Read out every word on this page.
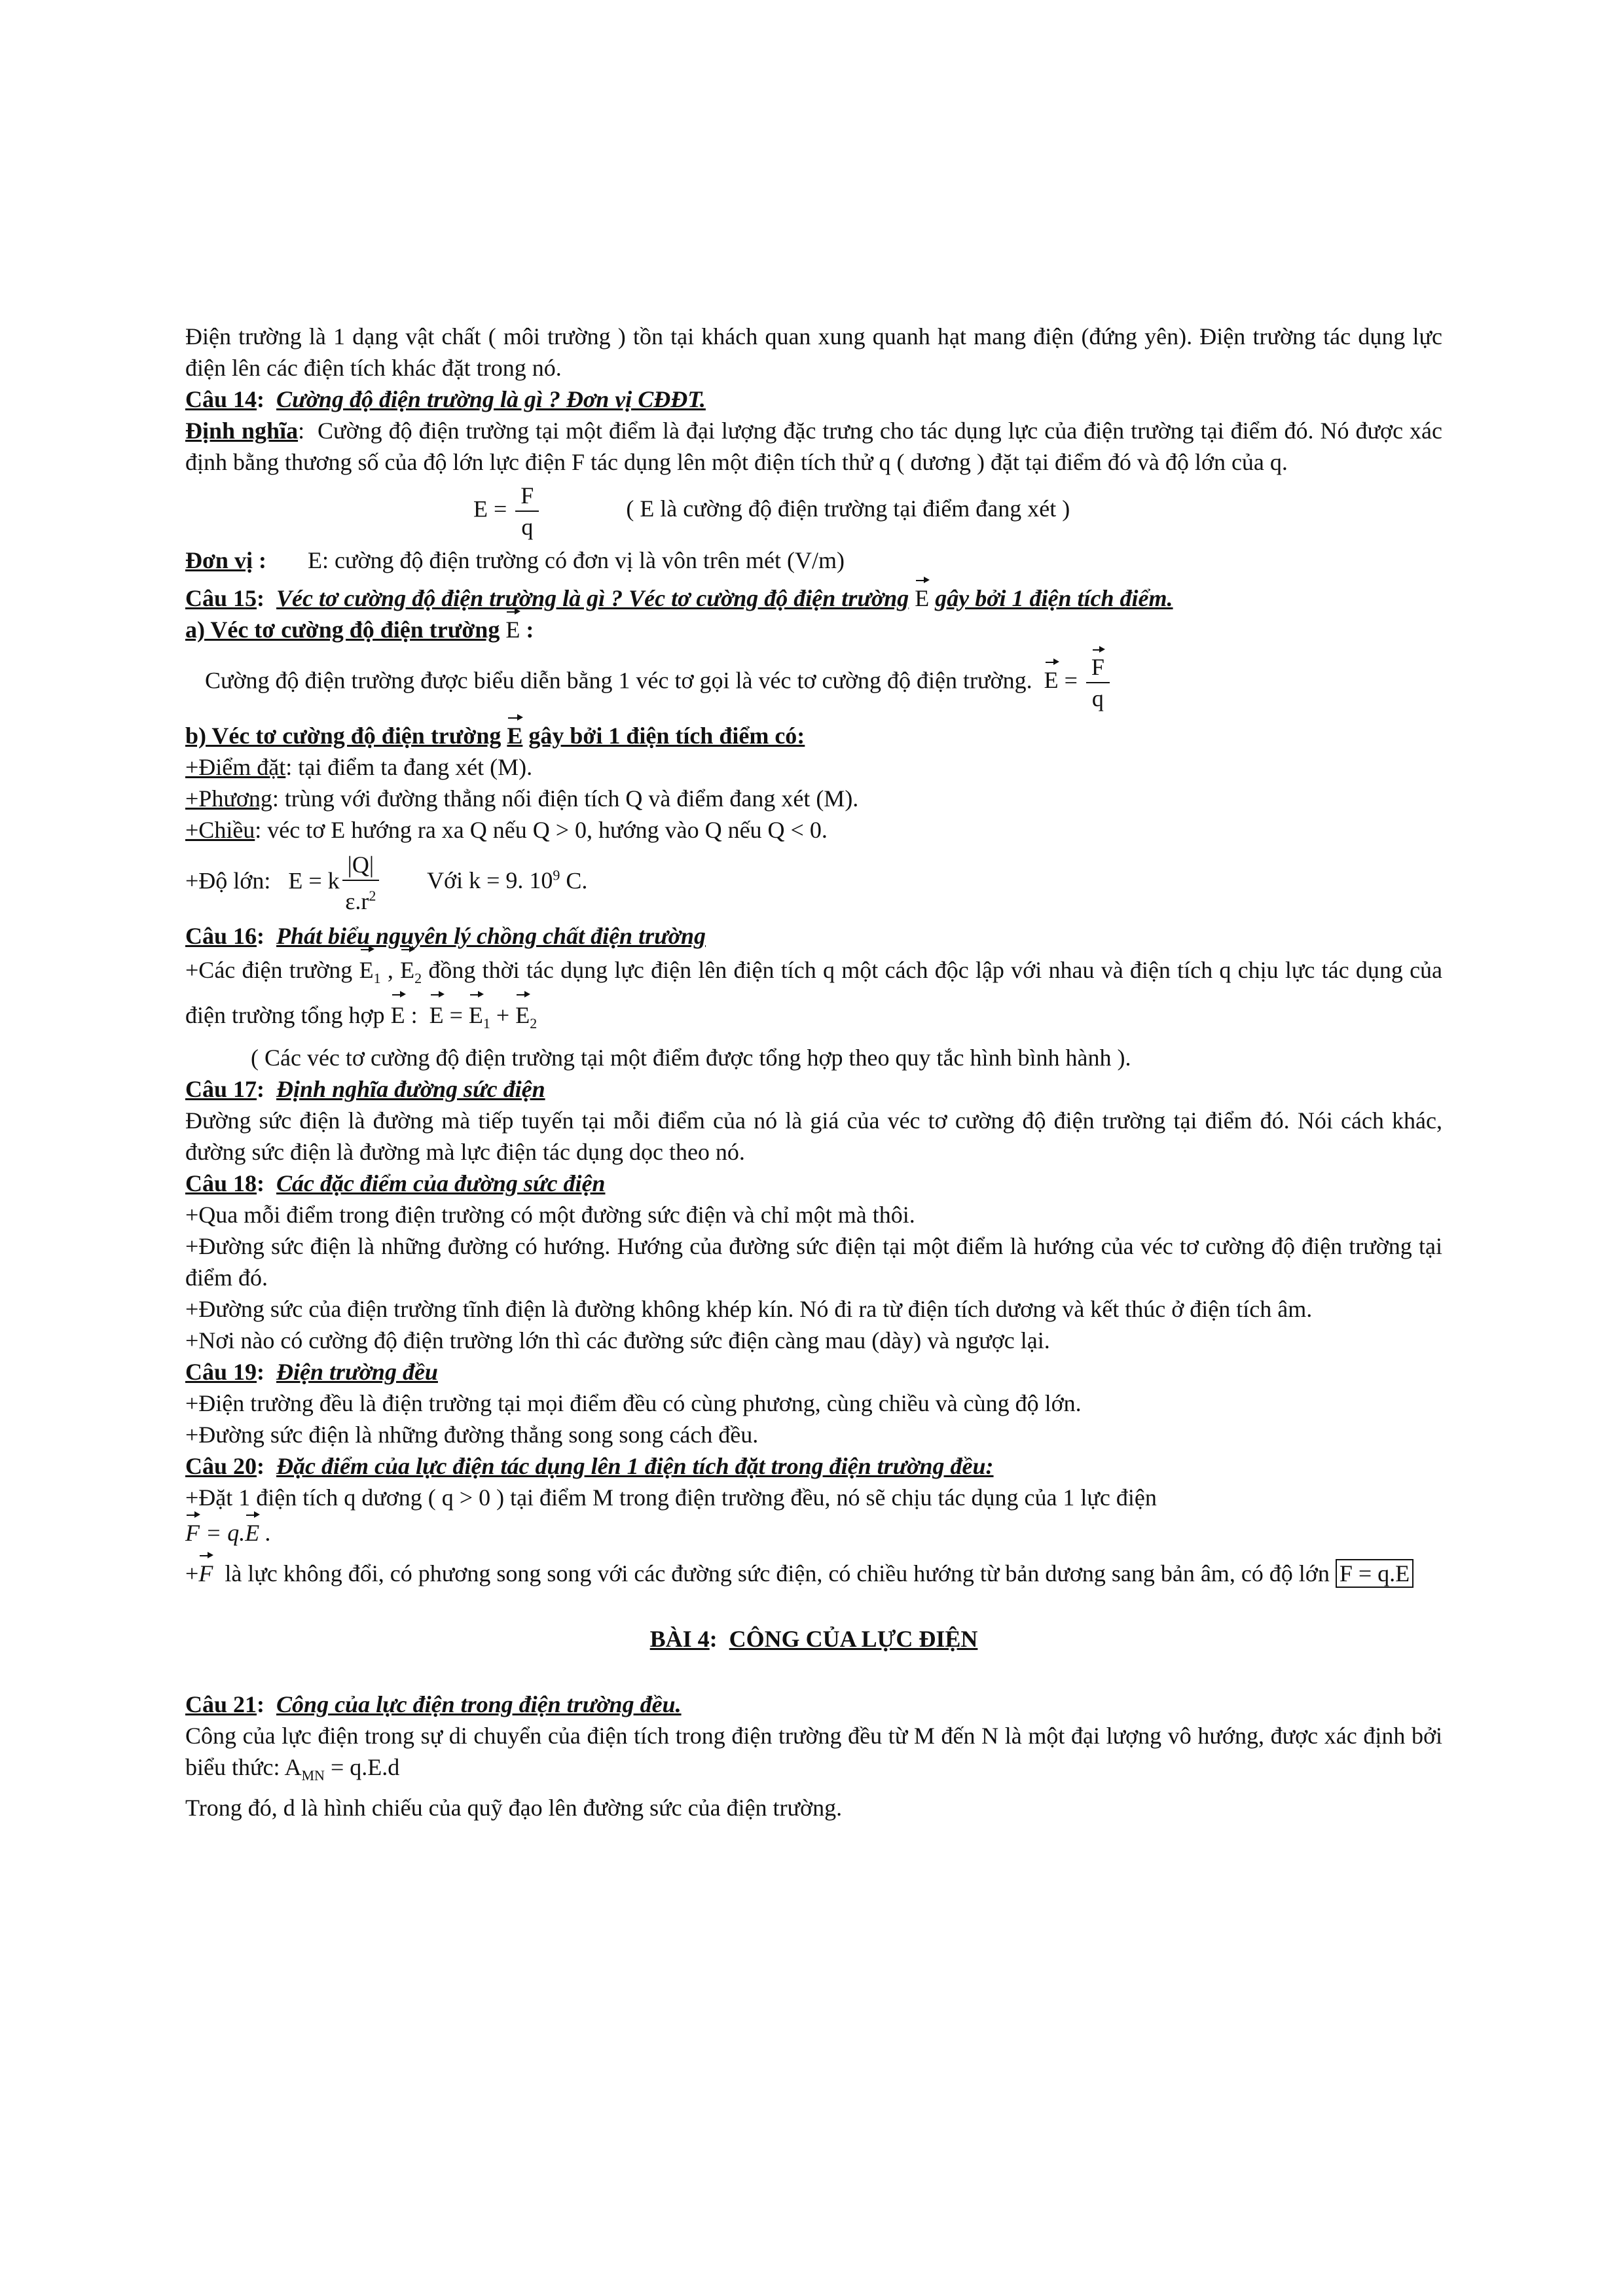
Điện trường là 1 dạng vật chất ( môi trường ) tồn tại khách quan xung quanh hạt mang điện (đứng yên). Điện trường tác dụng lực điện lên các điện tích khác đặt trong nó.

Câu 14:  Cường độ điện trường là gì ? Đơn vị CĐĐT.

Định nghĩa:  Cường độ điện trường tại một điểm là đại lượng đặc trưng cho tác dụng lực của điện trường tại điểm đó. Nó được xác định bằng thương số của độ lớn lực điện F tác dụng lên một điện tích thử q ( dương ) đặt tại điểm đó và độ lớn của q.

$E = \frac{F}{q}$	( E là cường độ điện trường tại điểm đang xét )

Đơn vị : E: cường độ điện trường có đơn vị là vôn trên mét (V/m)

Câu 15:  Véc tơ cường độ điện trường là gì ? Véc tơ cường độ điện trường E gây bởi 1 điện tích điểm.

a) Véc tơ cường độ điện trường E :

Cường độ điện trường được biểu diễn bằng 1 véc tơ gọi là véc tơ cường độ điện trường. $E = \frac{F}{q}$

b) Véc tơ cường độ điện trường E gây bởi 1 điện tích điểm có:

+Điểm đặt: tại điểm ta đang xét (M).

+Phương: trùng với đường thẳng nối điện tích Q và điểm đang xét (M).

+Chiều: véc tơ E hướng ra xa Q nếu Q > 0, hướng vào Q nếu Q < 0.

+Độ lớn: E = k $\frac{|Q|}{\varepsilon.r^2}$ Với k = 9. $10^9$ C.

Câu 16:  Phát biểu nguyên lý chồng chất điện trường

+Các điện trường $E_1$ , $E_2$ đồng thời tác dụng lực điện lên điện tích q một cách độc lập với nhau và điện tích q chịu lực tác dụng của điện trường tổng hợp E :  $E = E_1 + E_2$

( Các véc tơ cường độ điện trường tại một điểm được tổng hợp theo quy tắc hình bình hành ).

Câu 17:  Định nghĩa đường sức điện

Đường sức điện là đường mà tiếp tuyến tại mỗi điểm của nó là giá của véc tơ cường độ điện trường tại điểm đó. Nói cách khác, đường sức điện là đường mà lực điện tác dụng dọc theo nó.

Câu 18:  Các đặc điểm của đường sức điện

+Qua mỗi điểm trong điện trường có một đường sức điện và chỉ một mà thôi.

+Đường sức điện là những đường có hướng. Hướng của đường sức điện tại một điểm là hướng của véc tơ cường độ điện trường tại điểm đó.

+Đường sức của điện trường tĩnh điện là đường không khép kín. Nó đi ra từ điện tích dương và kết thúc ở điện tích âm.

+Nơi nào có cường độ điện trường lớn thì các đường sức điện càng mau (dày) và ngược lại.

Câu 19:  Điện trường đều

+Điện trường đều là điện trường tại mọi điểm đều có cùng phương, cùng chiều và cùng độ lớn.

+Đường sức điện là những đường thẳng song song cách đều.

Câu 20:  Đặc điểm của lực điện tác dụng lên 1 điện tích đặt trong điện trường đều:

+Đặt 1 điện tích q dương ( q > 0 ) tại điểm M trong điện trường đều, nó sẽ chịu tác dụng của 1 lực điện

F = q.E .

+F là lực không đổi, có phương song song với các đường sức điện, có chiều hướng từ bản dương sang bản âm, có độ lớn F = q.E

BÀI 4:  CÔNG CỦA LỰC ĐIỆN

Câu 21:  Công của lực điện trong điện trường đều.

Công của lực điện trong sự di chuyển của điện tích trong điện trường đều từ M đến N là một đại lượng vô hướng, được xác định bởi biểu thức: $A_{MN} = q.E.d$

Trong đó, d là hình chiếu của quỹ đạo lên đường sức của điện trường.
